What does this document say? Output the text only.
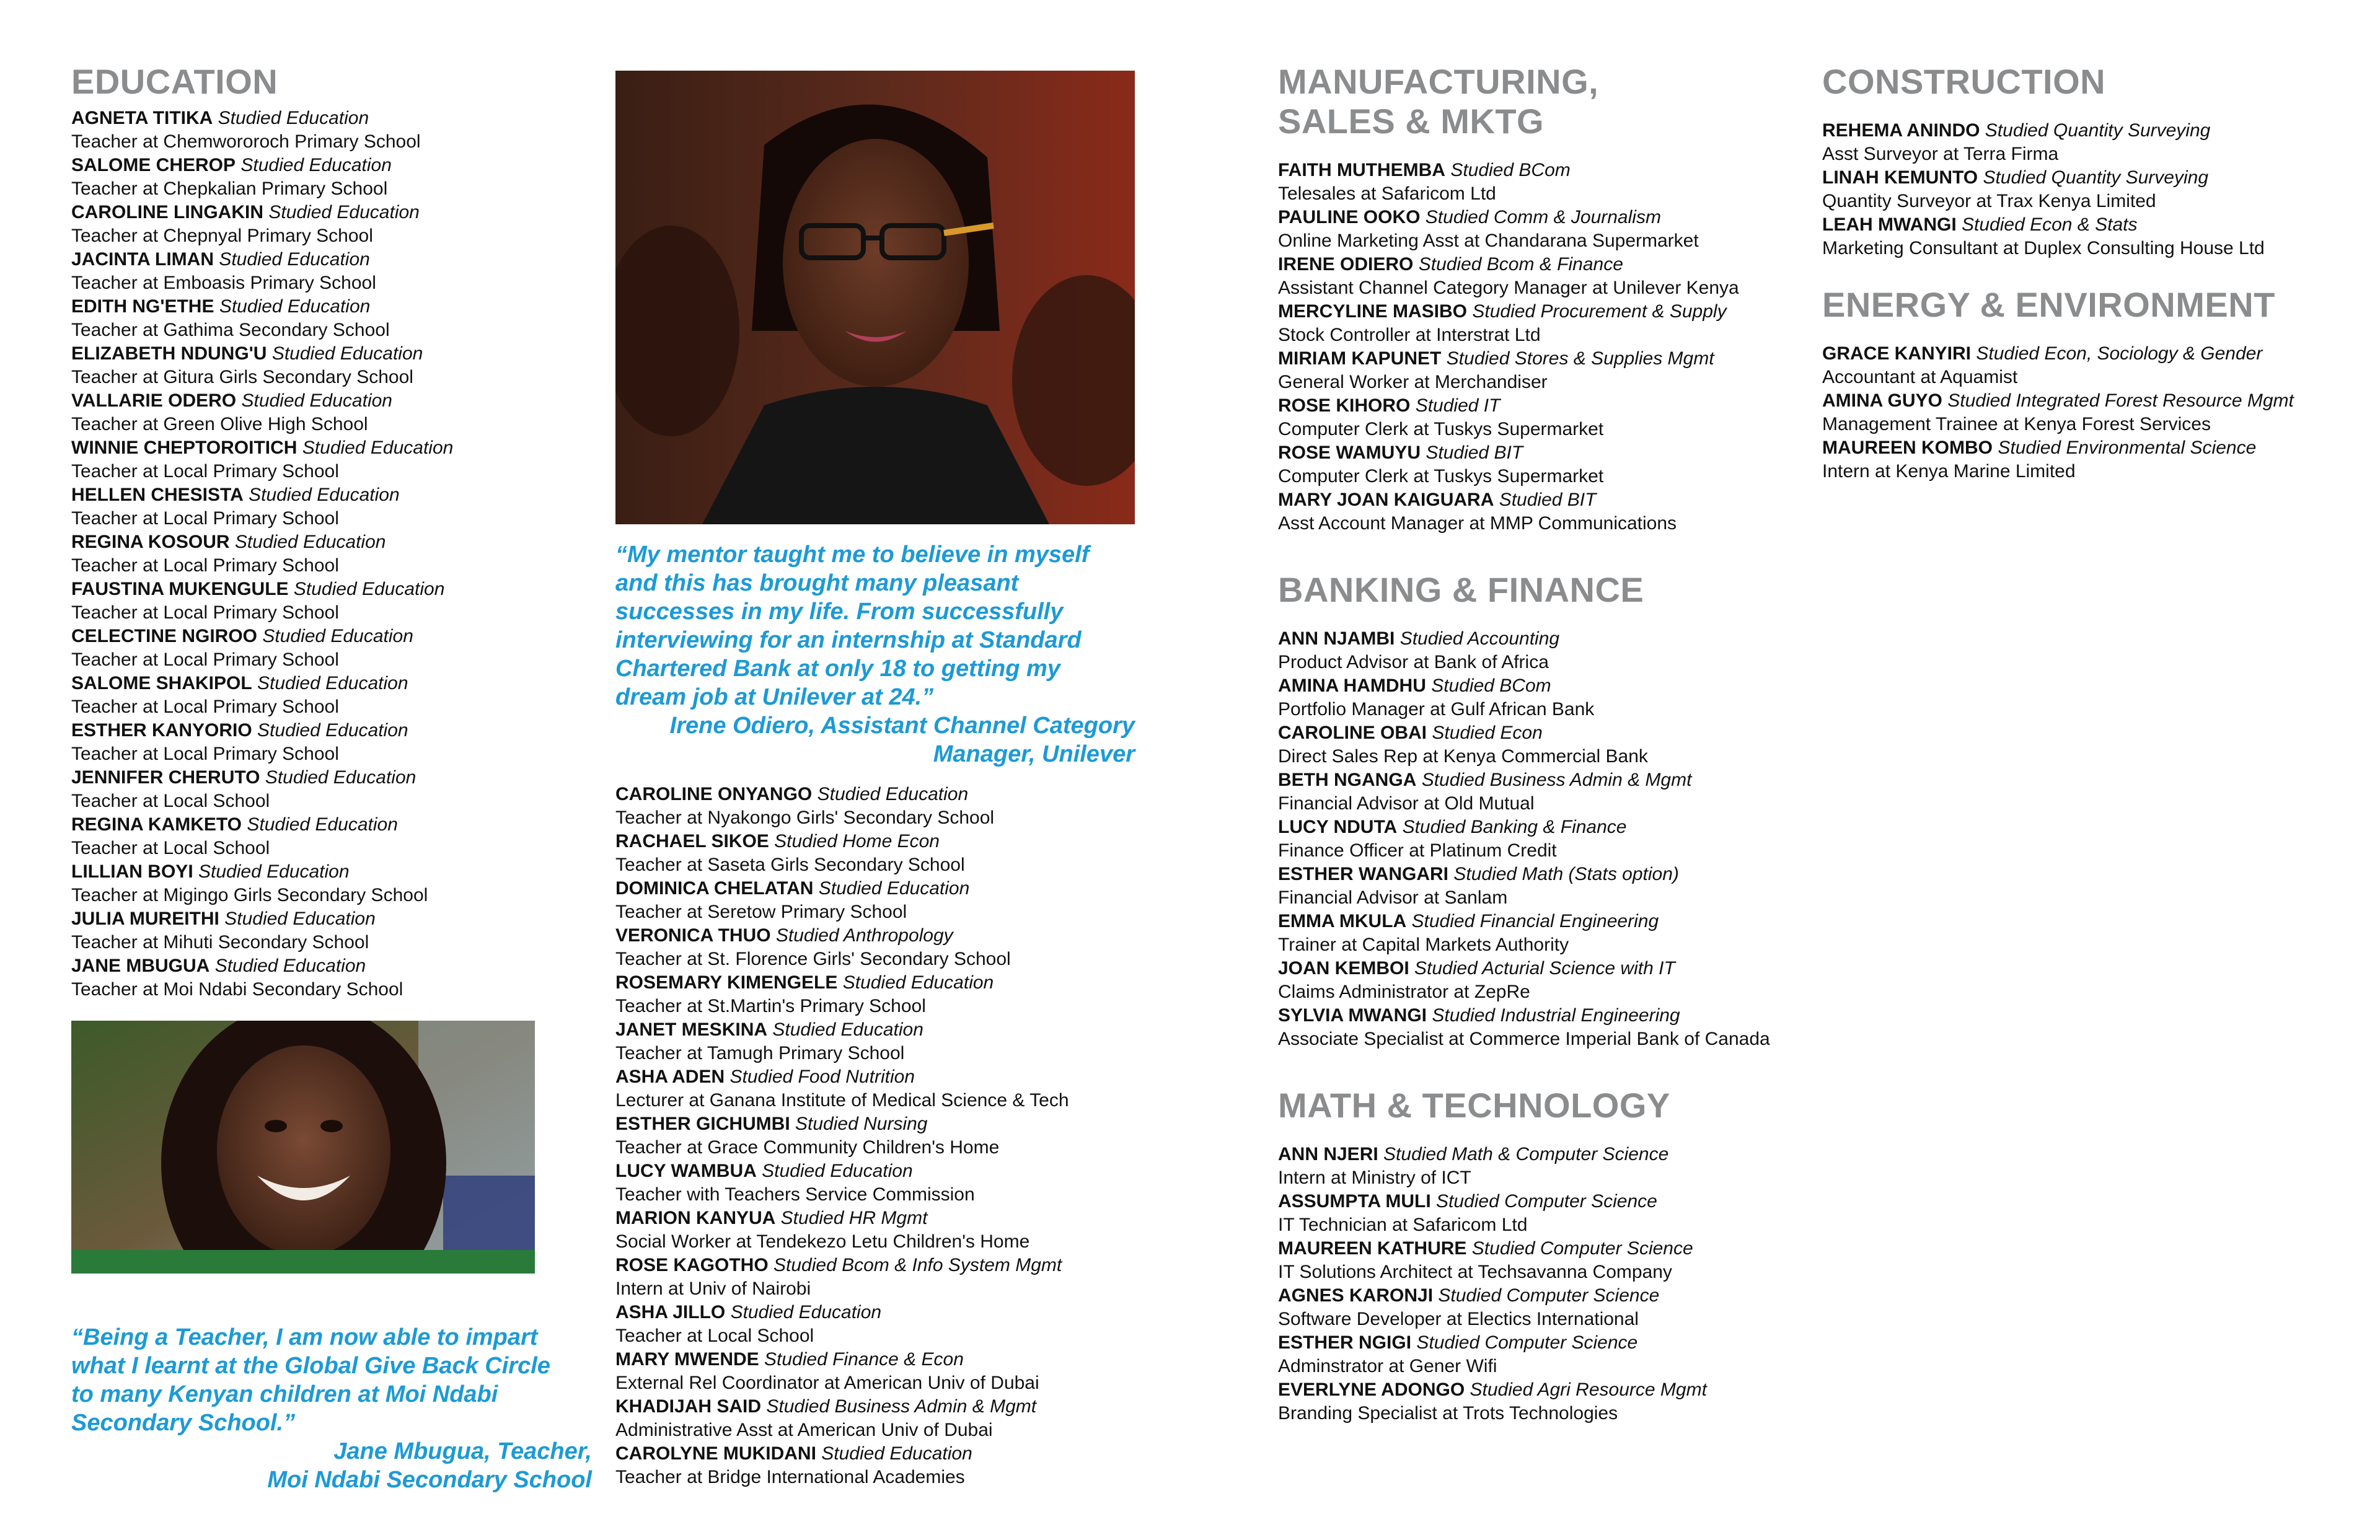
EDUCATION
AGNETA TITIKA Studied Education
Teacher at Chemwororoch Primary School
SALOME CHEROP Studied Education
Teacher at Chepkalian Primary School
CAROLINE LINGAKIN Studied Education
Teacher at Chepnyal Primary School
JACINTA LIMAN Studied Education
Teacher at Emboasis Primary School
EDITH NG'ETHE Studied Education
Teacher at Gathima Secondary School
ELIZABETH NDUNG'U Studied Education
Teacher at Gitura Girls Secondary School
VALLARIE ODERO Studied Education
Teacher at Green Olive High School
WINNIE CHEPTOROITICH Studied Education
Teacher at Local Primary School
HELLEN CHESISTA Studied Education
Teacher at Local Primary School
REGINA KOSOUR Studied Education
Teacher at Local Primary School
FAUSTINA MUKENGULE Studied Education
Teacher at Local Primary School
CELECTINE NGIROO Studied Education
Teacher at Local Primary School
SALOME SHAKIPOL Studied Education
Teacher at Local Primary School
ESTHER KANYORIO Studied Education
Teacher at Local Primary School
JENNIFER CHERUTO Studied Education
Teacher at Local School
REGINA KAMKETO Studied Education
Teacher at Local School
LILLIAN BOYI Studied Education
Teacher at Migingo Girls Secondary School
JULIA MUREITHI Studied Education
Teacher at Mihuti Secondary School
JANE MBUGUA Studied Education
Teacher at Moi Ndabi Secondary School

“Being a Teacher, I am now able to impart what I learnt at the Global Give Back Circle to many Kenyan children at Moi Ndabi Secondary School.”

Jane Mbugua, Teacher,

Moi Ndabi Secondary School

“My mentor taught me to believe in myself and this has brought many pleasant successes in my life. From successfully interviewing for an internship at Standard Chartered Bank at only 18 to getting my dream job at Unilever at 24.”

Irene Odiero, Assistant Channel Category

Manager, Unilever

CAROLINE ONYANGO Studied Education
Teacher at Nyakongo Girls' Secondary School
RACHAEL SIKOE Studied Home Econ
Teacher at Saseta Girls Secondary School
DOMINICA CHELATAN Studied Education
Teacher at Seretow Primary School
VERONICA THUO Studied Anthropology
Teacher at St. Florence Girls' Secondary School
ROSEMARY KIMENGELE Studied Education
Teacher at St.Martin's Primary School
JANET MESKINA Studied Education
Teacher at Tamugh Primary School
ASHA ADEN Studied Food Nutrition
Lecturer at Ganana Institute of Medical Science & Tech
ESTHER GICHUMBI Studied Nursing
Teacher at Grace Community Children's Home
LUCY WAMBUA Studied Education
Teacher with Teachers Service Commission
MARION KANYUA Studied HR Mgmt
Social Worker at Tendekezo Letu Children's Home
ROSE KAGOTHO Studied Bcom & Info System Mgmt
Intern at Univ of Nairobi
ASHA JILLO Studied Education
Teacher at Local School
MARY MWENDE Studied Finance & Econ
External Rel Coordinator at American Univ of Dubai
KHADIJAH SAID Studied Business Admin & Mgmt
Administrative Asst at American Univ of Dubai
CAROLYNE MUKIDANI Studied Education
Teacher at Bridge International Academies
MANUFACTURING,
SALES & MKTG
FAITH MUTHEMBA Studied BCom
Telesales at Safaricom Ltd
PAULINE OOKO Studied Comm & Journalism
Online Marketing Asst at Chandarana Supermarket
IRENE ODIERO Studied Bcom & Finance
Assistant Channel Category Manager at Unilever Kenya
MERCYLINE MASIBO Studied Procurement & Supply
Stock Controller at Interstrat Ltd
MIRIAM KAPUNET Studied Stores & Supplies Mgmt
General Worker at Merchandiser
ROSE KIHORO Studied IT
Computer Clerk at Tuskys Supermarket
ROSE WAMUYU Studied BIT
Computer Clerk at Tuskys Supermarket
MARY JOAN KAIGUARA Studied BIT
Asst Account Manager at MMP Communications
BANKING & FINANCE
ANN NJAMBI Studied Accounting
Product Advisor at Bank of Africa
AMINA HAMDHU Studied BCom
Portfolio Manager at Gulf African Bank
CAROLINE OBAI Studied Econ
Direct Sales Rep at Kenya Commercial Bank
BETH NGANGA Studied Business Admin & Mgmt
Financial Advisor at Old Mutual
LUCY NDUTA Studied Banking & Finance
Finance Officer at Platinum Credit
ESTHER WANGARI Studied Math (Stats option)
Financial Advisor at Sanlam
EMMA MKULA Studied Financial Engineering
Trainer at Capital Markets Authority
JOAN KEMBOI Studied Acturial Science with IT
Claims Administrator at ZepRe
SYLVIA MWANGI Studied Industrial Engineering
Associate Specialist at Commerce Imperial Bank of Canada
MATH & TECHNOLOGY
ANN NJERI Studied Math & Computer Science
Intern at Ministry of ICT
ASSUMPTA MULI Studied Computer Science
IT Technician at Safaricom Ltd
MAUREEN KATHURE Studied Computer Science
IT Solutions Architect at Techsavanna Company
AGNES KARONJI Studied Computer Science
Software Developer at Electics International
ESTHER NGIGI Studied Computer Science
Adminstrator at Gener Wifi
EVERLYNE ADONGO Studied Agri Resource Mgmt
Branding Specialist at Trots Technologies
CONSTRUCTION
REHEMA ANINDO Studied Quantity Surveying
Asst Surveyor at Terra Firma
LINAH KEMUNTO Studied Quantity Surveying
Quantity Surveyor at Trax Kenya Limited
LEAH MWANGI Studied Econ & Stats
Marketing Consultant at Duplex Consulting House Ltd
ENERGY & ENVIRONMENT
GRACE KANYIRI Studied Econ, Sociology & Gender
Accountant at Aquamist
AMINA GUYO Studied Integrated Forest Resource Mgmt
Management Trainee at Kenya Forest Services
MAUREEN KOMBO Studied Environmental Science
Intern at Kenya Marine Limited
